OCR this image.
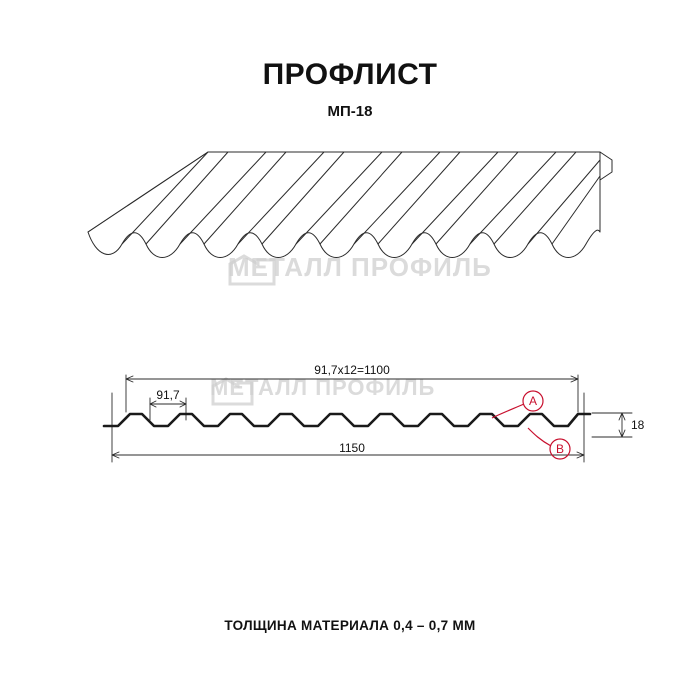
ПРОФЛИСТ
МП-18
МЕТАЛЛ ПРОФИЛЬ
МЕТАЛЛ ПРОФИЛЬ
A
B
91,7х12=1100
91,7
1150
18
ТОЛЩИНА МАТЕРИАЛА 0,4 – 0,7 ММ
